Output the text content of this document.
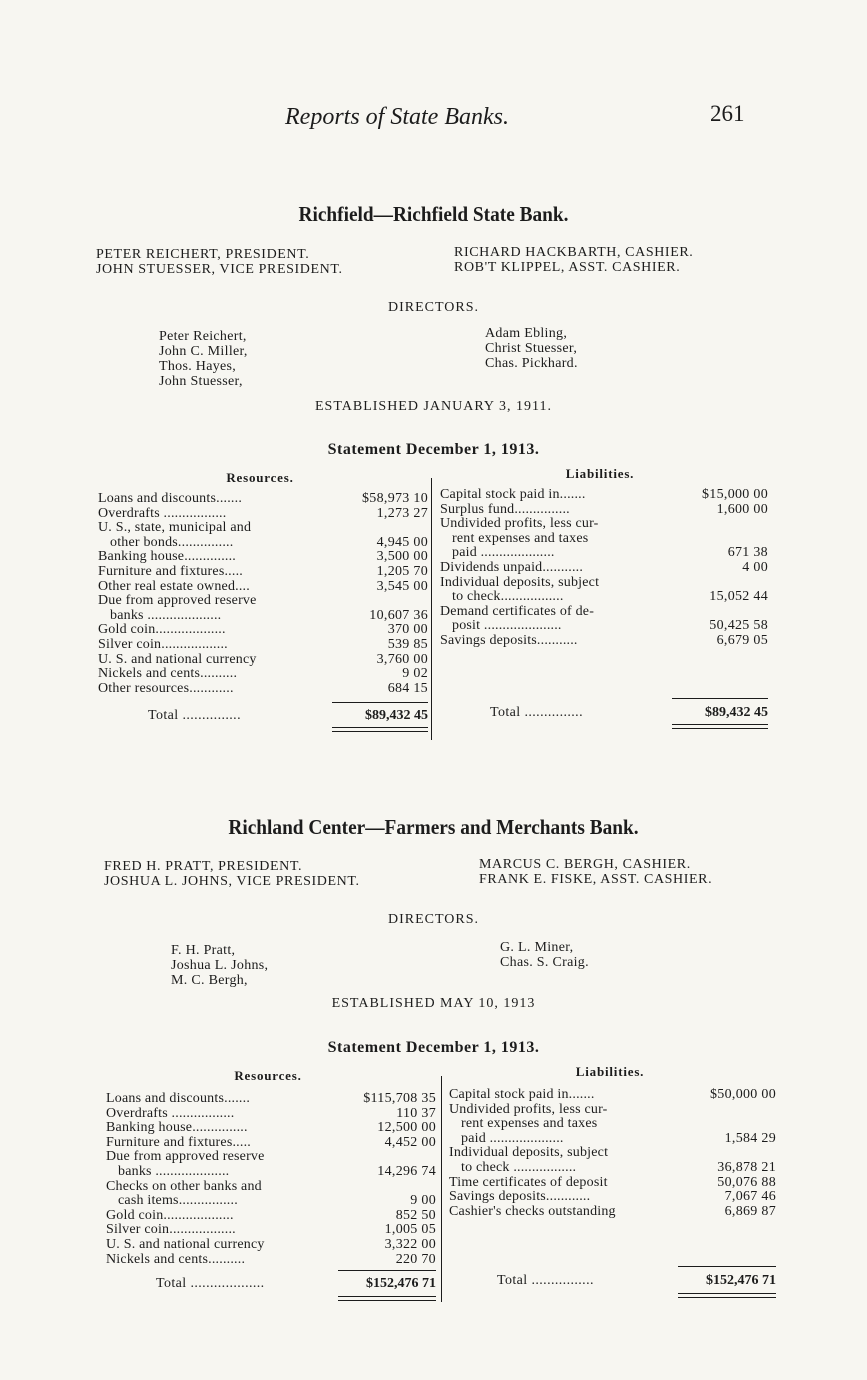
Reports of State Banks.	261
Richfield—Richfield State Bank.
PETER REICHERT, PRESIDENT.
JOHN STUESSER, VICE PRESIDENT.
RICHARD HACKBARTH, CASHIER.
ROB'T KLIPPEL, ASST. CASHIER.
DIRECTORS.
Peter Reichert,
John C. Miller,
Thos. Hayes,
John Stuesser,
Adam Ebling,
Christ Stuesser,
Chas. Pickhard.
ESTABLISHED JANUARY 3, 1911.
Statement December 1, 1913.
Resources.	Liabilities.
Loans and discounts.......	$58,973 10
Overdrafts .................	1,273 27
U. S., state, municipal and
other bonds...............	4,945 00
Banking house..............	3,500 00
Furniture and fixtures.....	1,205 70
Other real estate owned....	3,545 00
Due from approved reserve
banks ....................	10,607 36
Gold coin...................	370 00
Silver coin..................	539 85
U. S. and national currency	3,760 00
Nickels and cents..........	9 02
Other resources............	684 15
Capital stock paid in.......	$15,000 00
Surplus fund...............	1,600 00
Undivided profits, less cur-
rent expenses and taxes
paid ....................	671 38
Dividends unpaid...........	4 00
Individual deposits, subject
to check.................	15,052 44
Demand certificates of de-
posit .....................	50,425 58
Savings deposits...........	6,679 05
Total ...............	$89,432 45	Total ...............	$89,432 45
Richland Center—Farmers and Merchants Bank.
FRED H. PRATT, PRESIDENT.
JOSHUA L. JOHNS, VICE PRESIDENT.
MARCUS C. BERGH, CASHIER.
FRANK E. FISKE, ASST. CASHIER.
DIRECTORS.
F. H. Pratt,
Joshua L. Johns,
M. C. Bergh,
G. L. Miner,
Chas. S. Craig.
ESTABLISHED MAY 10, 1913
Statement December 1, 1913.
Resources.	Liabilities.
Loans and discounts.......	$115,708 35
Overdrafts .................	110 37
Banking house...............	12,500 00
Furniture and fixtures.....	4,452 00
Due from approved reserve
banks ....................	14,296 74
Checks on other banks and
cash items................	9 00
Gold coin...................	852 50
Silver coin..................	1,005 05
U. S. and national currency	3,322 00
Nickels and cents..........	220 70
Capital stock paid in.......	$50,000 00
Undivided profits, less cur-
rent expenses and taxes
paid ....................	1,584 29
Individual deposits, subject
to check .................	36,878 21
Time certificates of deposit	50,076 88
Savings deposits............	7,067 46
Cashier's checks outstanding	6,869 87
Total ...................	$152,476 71	Total ................	$152,476 71
